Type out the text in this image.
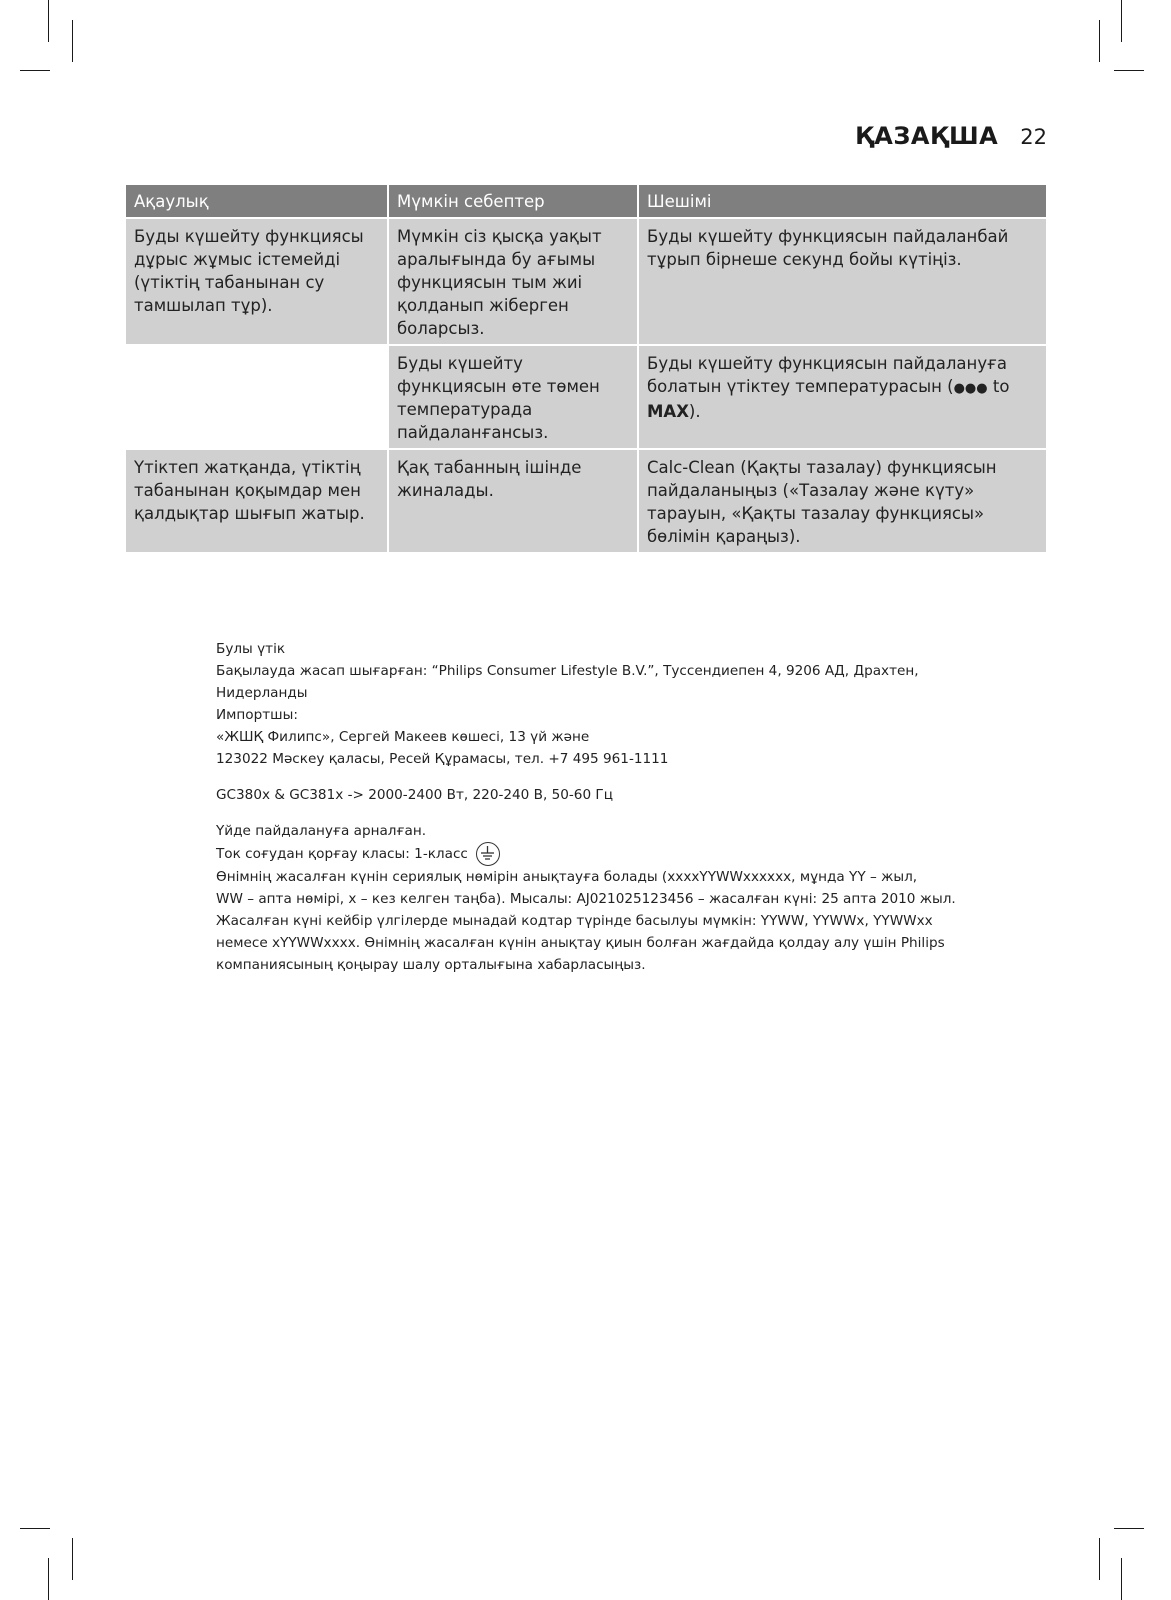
ҚАЗАҚША 22
Ақаулық	Мүмкін себептер	Шешімі
Буды күшейту функциясы дұрыс жұмыс істемейді (үтіктің табанынан су тамшылап тұр).	Мүмкін сіз қысқа уақыт аралығында бу ағымы функциясын тым жиі қолданып жіберген боларсыз.	Буды күшейту функциясын пайдаланбай тұрып бірнеше секунд бойы күтіңіз.
	Буды күшейту функциясын өте төмен температурада пайдаланғансыз.	Буды күшейту функциясын пайдалануға болатын үтіктеу температурасын (●●● to MAX).
Үтіктеп жатқанда, үтіктің табанынан қоқымдар мен қалдықтар шығып жатыр.	Қақ табанның ішінде жиналады.	Calc-Clean (Қақты тазалау) функциясын пайдаланыңыз («Тазалау және күту» тарауын, «Қақты тазалау функциясы» бөлімін қараңыз).
Булы үтік
Бақылауда жасап шығарған: “Philips Consumer Lifestyle B.V.”, Туссендиепен 4, 9206 АД, Драхтен,
Нидерланды
Импортшы:
«ЖШҚ Филипс», Сергей Макеев көшесі, 13 үй және
123022 Мәскеу қаласы, Ресей Құрамасы, тел. +7 495 961-1111
GC380x & GC381x -> 2000-2400 Вт, 220-240 В, 50-60 Гц
Үйде пайдалануға арналған.
Ток соғудан қорғау класы: 1-класс
Өнімнің жасалған күнін сериялық нөмірін анықтауға болады (xxxxYYWWxxxxxx, мұнда YY – жыл,
WW – апта нөмірі, x – кез келген таңба). Мысалы: AJ021025123456 – жасалған күні: 25 апта 2010 жыл.
Жасалған күні кейбір үлгілерде мынадай кодтар түрінде басылуы мүмкін: YYWW, YYWWx, YYWWxx
немесе xYYWWxxxx. Өнімнің жасалған күнін анықтау қиын болған жағдайда қолдау алу үшін Philips
компаниясының қоңырау шалу орталығына хабарласыңыз.
